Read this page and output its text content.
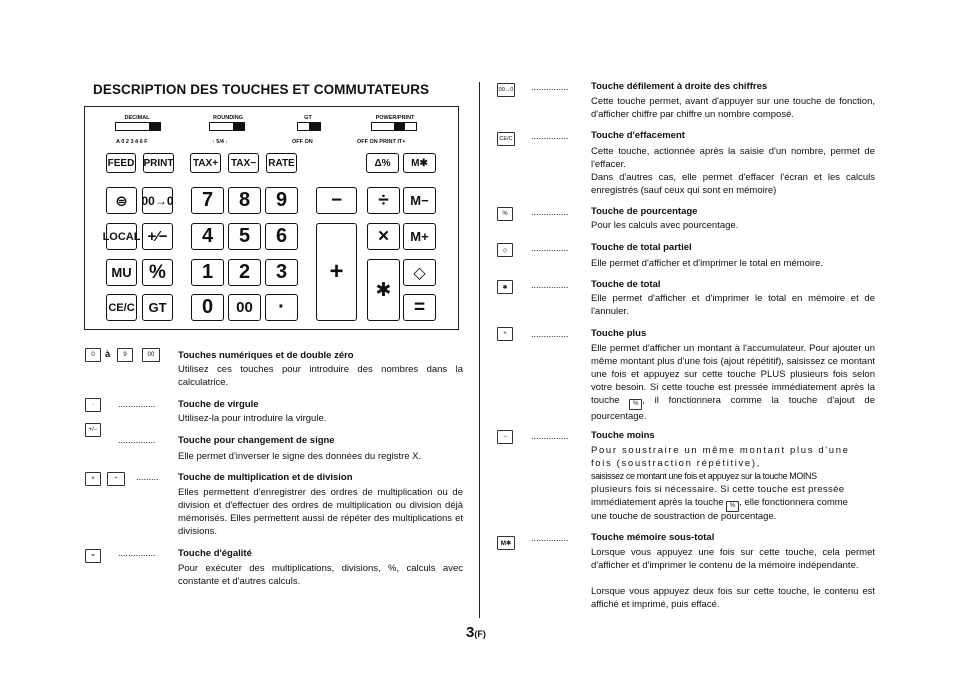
DESCRIPTION DES TOUCHES ET COMMUTATEURS
DECIMAL
A 0 2 3 4 6 F
ROUNDING
↑ 5/4 ↓
GT
OFF ON
POWER/PRINT
OFF ON PRINT IT+
FEED PRINT TAX+ TAX− RATE	Δ%	M✱
⊜	00→0	7	8	9	−	÷	M−
LOCAL +⁄−	4	5	6
+
×	M+
MU %	1	2	3
✱
◇
CE/C	GT	0	00	·	=
0	à	9	00	Touches numériques et de double zéro
Utilisez ces touches pour introduire des nombres dans la calculatrice.
·	............... Touche de virgule
Utilisez-la pour introduire la virgule.
+/−
............... Touche pour changement de signe
Elle permet d'inverser le signe des données du registre X.
×	÷	......... Touche de multiplication et de division
Elles permettent d'enregistrer des ordres de multiplication ou de division et d'effectuer des ordres de multiplication ou division déjà mémorisés. Elles permettent aussi de répéter des multiplications et divisions.
=	............... Touche d'égalité
Pour exécuter des multiplications, divisions, %, calculs avec constante et d'autres calculs.
00→0 ............... Touche défilement à droite des chiffres
Cette touche permet, avant d'appuyer sur une touche de fonction, d'afficher chiffre par chiffre un nombre composé.
CE/C ............... Touche d'effacement
Cette touche, actionnée après la saisie d'un nombre, permet de l'effacer.
Dans d'autres cas, elle permet d'effacer l'écran et les calculs enregistrés (sauf ceux qui sont en mémoire)
%	............... Touche de pourcentage
Pour les calculs avec pourcentage.
◇	............... Touche de total partiel
Elle permet d'afficher et d'imprimer le total en mémoire.
✱	............... Touche de total
Elle permet d'afficher et d'imprimer le total en mémoire et de l'annuler.
+	............... Touche plus
Elle permet d'afficher un montant à l'accumulateur. Pour ajouter un même montant plus d'une fois (ajout répétitif), saisissez ce montant une fois et appuyez sur cette touche PLUS plusieurs fois selon votre besoin. Si cette touche est pressée immédiatement après la touche % , il fonctionnera comme la touche d'ajout de pourcentage.
−	............... Touche moins
Pour soustraire un même montant plus d'une fois (soustraction répétitive),
saisissez ce montant une fois et appuyez sur la touche MOINS
plusieurs fois si nécessaire. Si cette touche est pressée
immédiatement après la touche % , elle fonctionnera comme
une touche de soustraction de pourcentage.
M✱
............... Touche mémoire sous-total
Lorsque vous appuyez une fois sur cette touche, cela permet d'afficher et d'imprimer le contenu de la mémoire indépendante.
Lorsque vous appuyez deux fois sur cette touche, le contenu est affiché et imprimé, puis effacé.
3(F)
